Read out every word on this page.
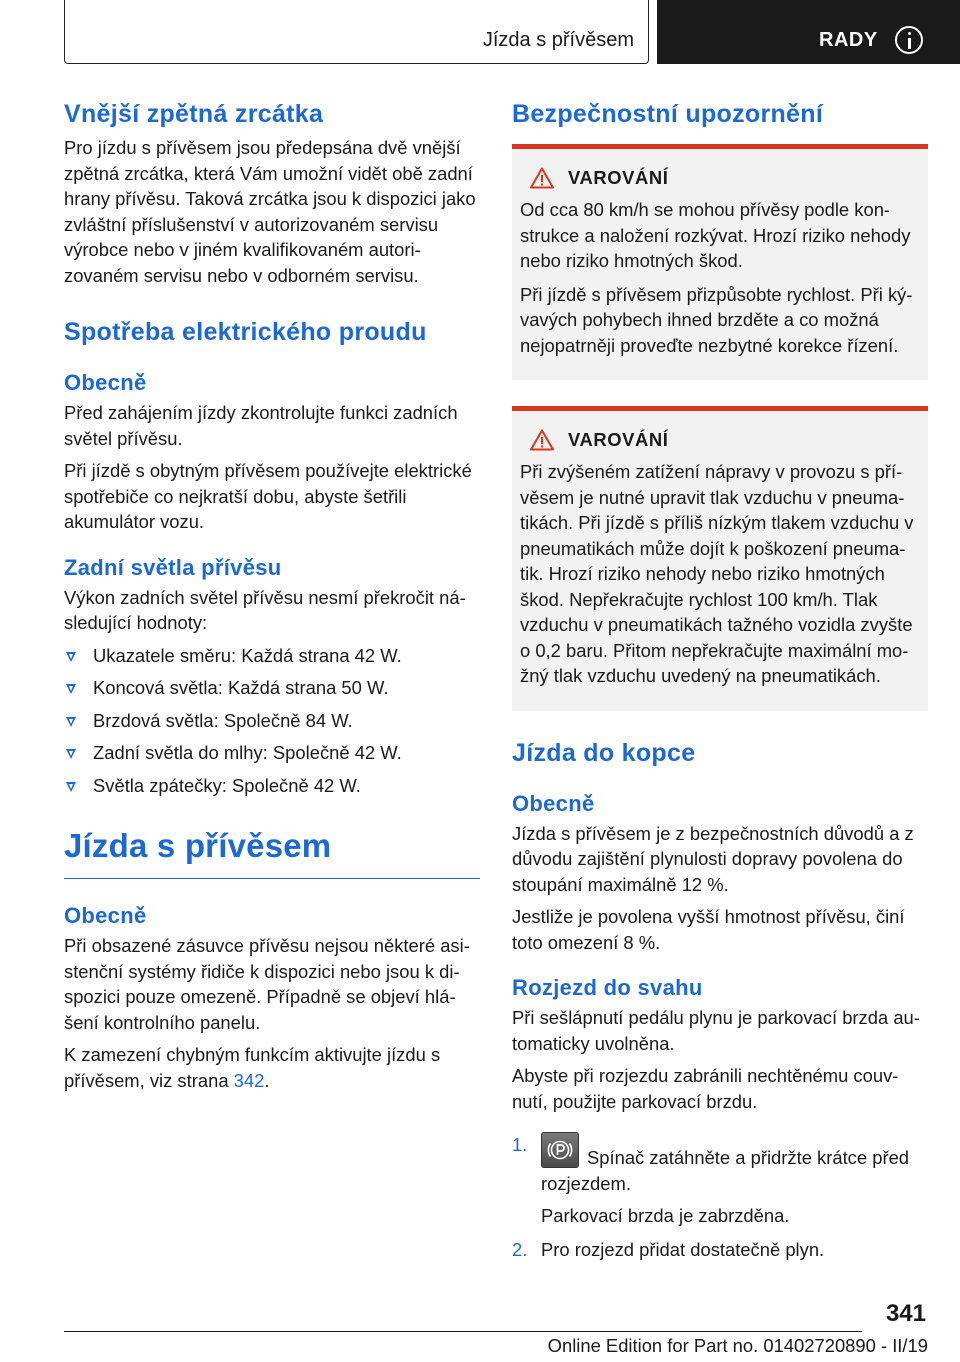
Jízda s přívěsem	RADY
Vnější zpětná zrcátka

Pro jízdu s přívěsem jsou předepsána dvě vnější zpětná zrcátka, která Vám umožní vidět obě zadní hrany přívěsu. Taková zrcátka jsou k dispozici jako zvláštní příslušenství v autorizovaném servisu výrobce nebo v jiném kvalifikovaném autorizovaném servisu nebo v odborném servisu.

Spotřeba elektrického proudu
Obecně

Před zahájením jízdy zkontrolujte funkci zadních světel přívěsu.

Při jízdě s obytným přívěsem používejte elektrické spotřebiče co nejkratší dobu, abyste šetřili akumulátor vozu.

Zadní světla přívěsu

Výkon zadních světel přívěsu nesmí překročit následující hodnoty:

Ukazatele směru: Každá strana 42 W.
Koncová světla: Každá strana 50 W.
Brzdová světla: Společně 84 W.
Zadní světla do mlhy: Společně 42 W.
Světla zpátečky: Společně 42 W.
Jízda s přívěsem
Obecně

Při obsazené zásuvce přívěsu nejsou některé asistenční systémy řidiče k dispozici nebo jsou k dispozici pouze omezeně. Případně se objeví hlášení kontrolního panelu.

K zamezení chybným funkcím aktivujte jízdu s přívěsem, viz strana 342.

Bezpečnostní upozornění
VAROVÁNÍ

Od cca 80 km/h se mohou přívěsy podle konstrukce a naložení rozkývat. Hrozí riziko nehody nebo riziko hmotných škod.

Při jízdě s přívěsem přizpůsobte rychlost. Při kývavých pohybech ihned brzděte a co možná nejopatrněji proveďte nezbytné korekce řízení.

VAROVÁNÍ

Při zvýšeném zatížení nápravy v provozu s přívěsem je nutné upravit tlak vzduchu v pneumatikách. Při jízdě s příliš nízkým tlakem vzduchu v pneumatikách může dojít k poškození pneumatik. Hrozí riziko nehody nebo riziko hmotných škod. Nepřekračujte rychlost 100 km/h. Tlak vzduchu v pneumatikách tažného vozidla zvyšte o 0,2 baru. Přitom nepřekračujte maximální možný tlak vzduchu uvedený na pneumatikách.

Jízda do kopce
Obecně

Jízda s přívěsem je z bezpečnostních důvodů a z důvodu zajištění plynulosti dopravy povolena do stoupání maximálně 12 %.

Jestliže je povolena vyšší hmotnost přívěsu, činí toto omezení 8 %.

Rozjezd do svahu

Při sešlápnutí pedálu plynu je parkovací brzda automaticky uvolněna.

Abyste při rozjezdu zabránili nechtěnému couvnutí, použijte parkovací brzdu.

1.
Spínač zatáhněte a přidržte krátce před rozjezdem.
Parkovací brzda je zabrzděna.
2. Pro rozjezd přidat dostatečně plyn.
341
Online Edition for Part no. 01402720890 - II/19
